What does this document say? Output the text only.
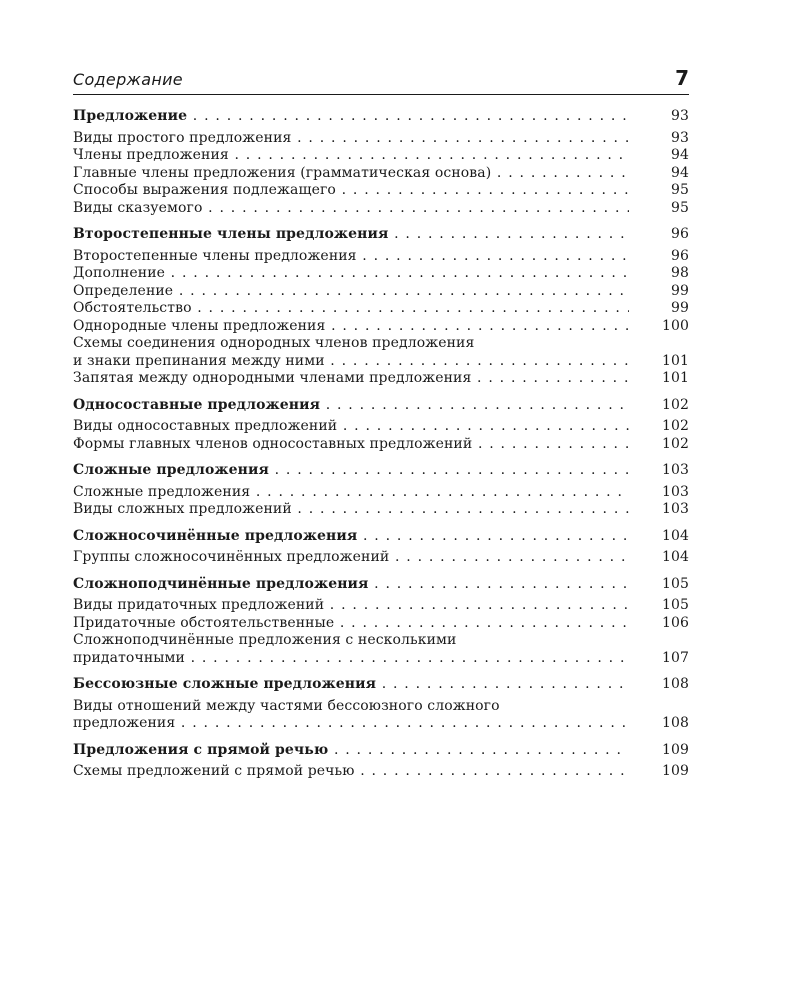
Содержание	7
Предложение . . .	93
Виды простого предложения . . .	93
Члены предложения . . .	94
Главные члены предложения (грамматическая основа) . . .	94
Способы выражения подлежащего . . .	95
Виды сказуемого . . .	95
Второстепенные члены предложения . . .	96
Второстепенные члены предложения . . .	96
Дополнение . . .	98
Определение . . .	99
Обстоятельство . . .	99
Однородные члены предложения . . .	100
Схемы соединения однородных членов предложения
и знаки препинания между ними . . .	101
Запятая между однородными членами предложения . . .	101
Односоставные предложения . . .	102
Виды односоставных предложений . . .	102
Формы главных членов односоставных предложений . . .	102
Сложные предложения . . .	103
Сложные предложения . . .	103
Виды сложных предложений . . .	103
Сложносочинённые предложения . . .	104
Группы сложносочинённых предложений . . .	104
Сложноподчинённые предложения . . .	105
Виды придаточных предложений . . .	105
Придаточные обстоятельственные . . .	106
Сложноподчинённые предложения с несколькими
придаточными . . .	107
Бессоюзные сложные предложения . . .	108
Виды отношений между частями бессоюзного сложного
предложения . . .	108
Предложения с прямой речью . . .	109
Схемы предложений с прямой речью . . .	109
